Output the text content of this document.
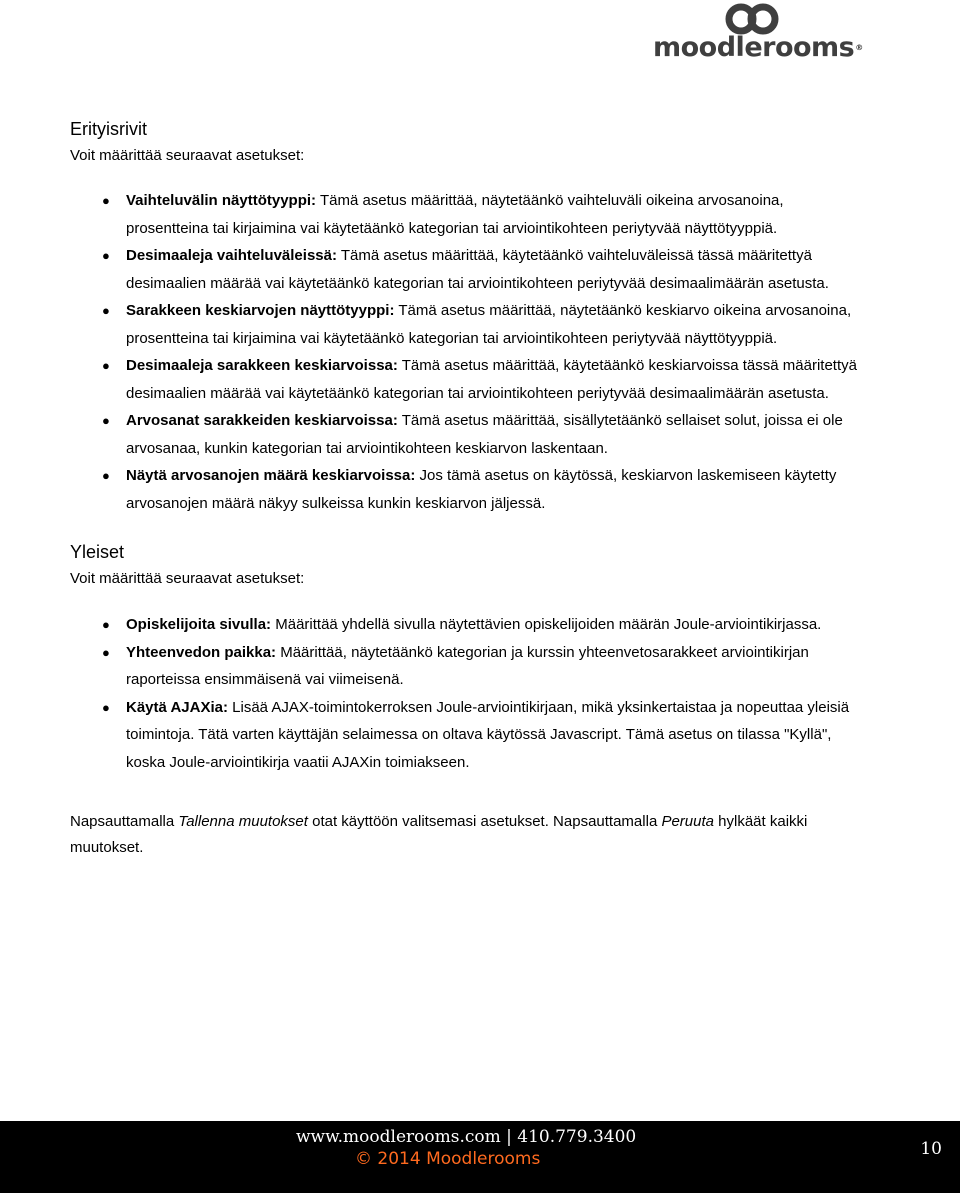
moodlerooms®
Erityisrivit

Voit määrittää seuraavat asetukset:

● Vaihteluvälin näyttötyyppi: Tämä asetus määrittää, näytetäänkö vaihteluväli oikeina arvosanoina, prosentteina tai kirjaimina vai käytetäänkö kategorian tai arviointikohteen periytyvää näyttötyyppiä.
● Desimaaleja vaihteluväleissä: Tämä asetus määrittää, käytetäänkö vaihteluväleissä tässä määritettyä desimaalien määrää vai käytetäänkö kategorian tai arviointikohteen periytyvää desimaalimäärän asetusta.
● Sarakkeen keskiarvojen näyttötyyppi: Tämä asetus määrittää, näytetäänkö keskiarvo oikeina arvosanoina, prosentteina tai kirjaimina vai käytetäänkö kategorian tai arviointikohteen periytyvää näyttötyyppiä.
● Desimaaleja sarakkeen keskiarvoissa: Tämä asetus määrittää, käytetäänkö keskiarvoissa tässä määritettyä desimaalien määrää vai käytetäänkö kategorian tai arviointikohteen periytyvää desimaalimäärän asetusta.
● Arvosanat sarakkeiden keskiarvoissa: Tämä asetus määrittää, sisällytetäänkö sellaiset solut, joissa ei ole arvosanaa, kunkin kategorian tai arviointikohteen keskiarvon laskentaan.
● Näytä arvosanojen määrä keskiarvoissa: Jos tämä asetus on käytössä, keskiarvon laskemiseen käytetty arvosanojen määrä näkyy sulkeissa kunkin keskiarvon jäljessä.
Yleiset

Voit määrittää seuraavat asetukset:

● Opiskelijoita sivulla: Määrittää yhdellä sivulla näytettävien opiskelijoiden määrän Joule-arviointikirjassa.
● Yhteenvedon paikka: Määrittää, näytetäänkö kategorian ja kurssin yhteenvetosarakkeet arviointikirjan raporteissa ensimmäisenä vai viimeisenä.
● Käytä AJAXia: Lisää AJAX-toimintokerroksen Joule-arviointikirjaan, mikä yksinkertaistaa ja nopeuttaa yleisiä toimintoja. Tätä varten käyttäjän selaimessa on oltava käytössä Javascript. Tämä asetus on tilassa "Kyllä", koska Joule-arviointikirja vaatii AJAXin toimiakseen.

Napsauttamalla Tallenna muutokset otat käyttöön valitsemasi asetukset. Napsauttamalla Peruuta hylkäät kaikki muutokset.

www.moodlerooms.com | 410.779.3400
© 2014 Moodlerooms	10
